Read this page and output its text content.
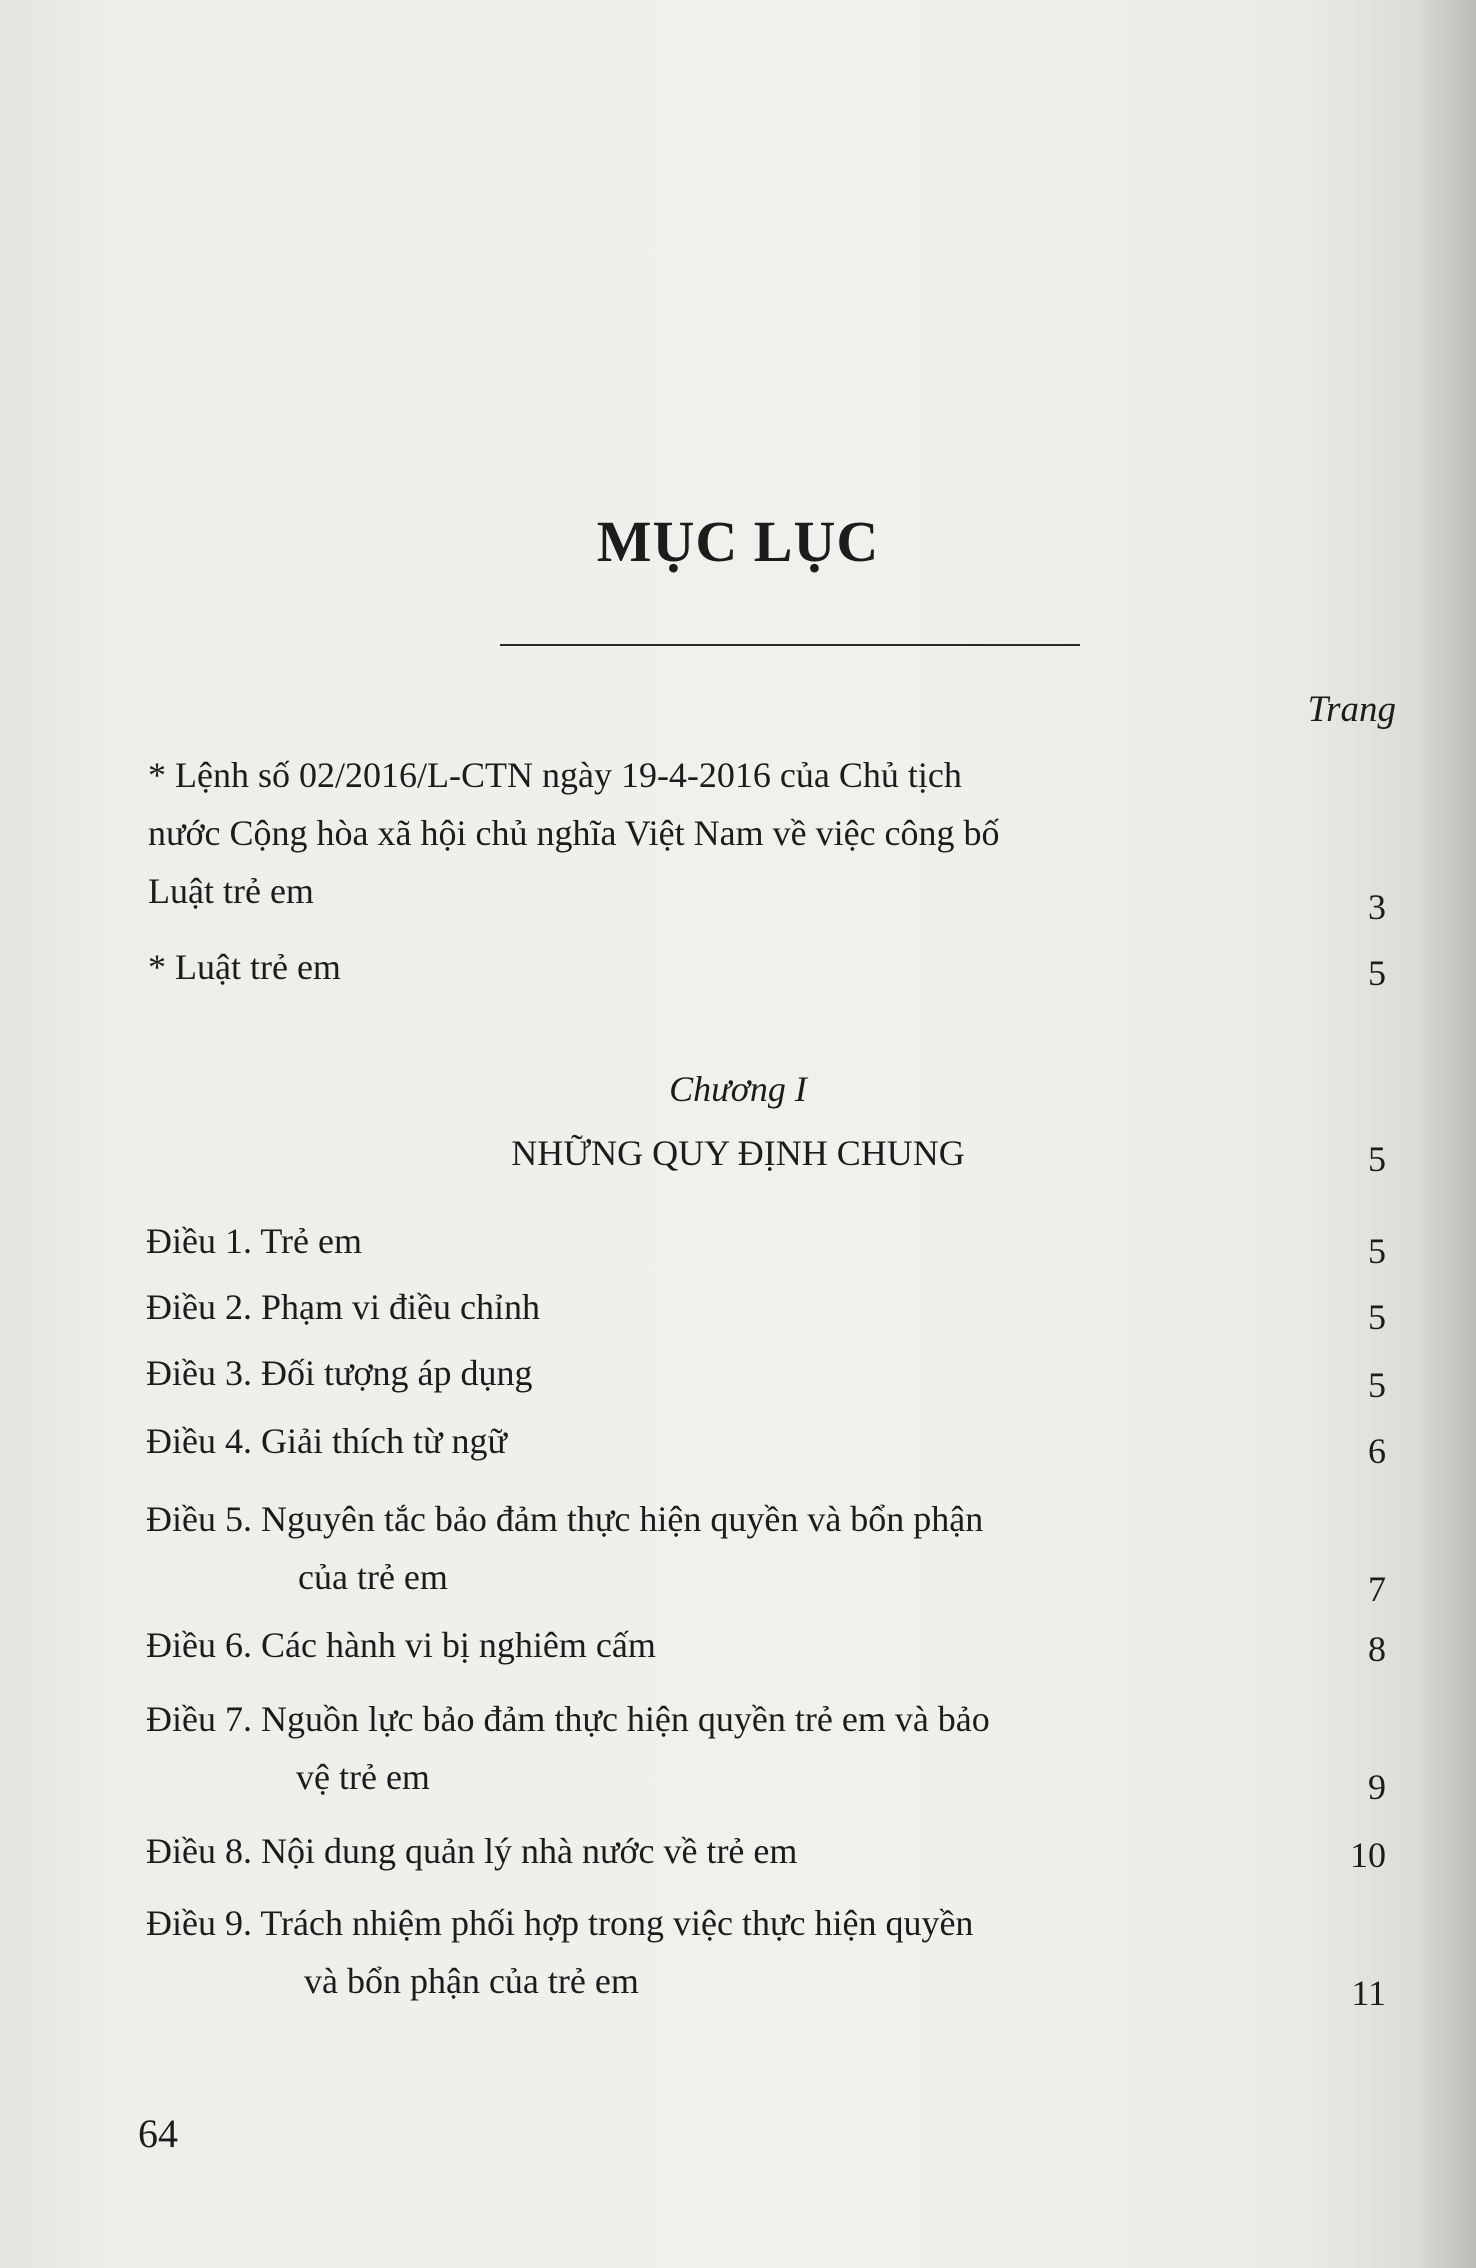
MỤC LỤC
Trang
* Lệnh số 02/2016/L-CTN ngày 19-4-2016 của Chủ tịch
nước Cộng hòa xã hội chủ nghĩa Việt Nam về việc công bố
Luật trẻ em	3
* Luật trẻ em	5
Chương I
NHỮNG QUY ĐỊNH CHUNG	5
Điều 1. Trẻ em	5
Điều 2. Phạm vi điều chỉnh	5
Điều 3. Đối tượng áp dụng	5
Điều 4. Giải thích từ ngữ	6
Điều 5. Nguyên tắc bảo đảm thực hiện quyền và bổn phận
của trẻ em	7
Điều 6. Các hành vi bị nghiêm cấm	8
Điều 7. Nguồn lực bảo đảm thực hiện quyền trẻ em và bảo
vệ trẻ em	9
Điều 8. Nội dung quản lý nhà nước về trẻ em	10
Điều 9. Trách nhiệm phối hợp trong việc thực hiện quyền
và bổn phận của trẻ em	11
64
